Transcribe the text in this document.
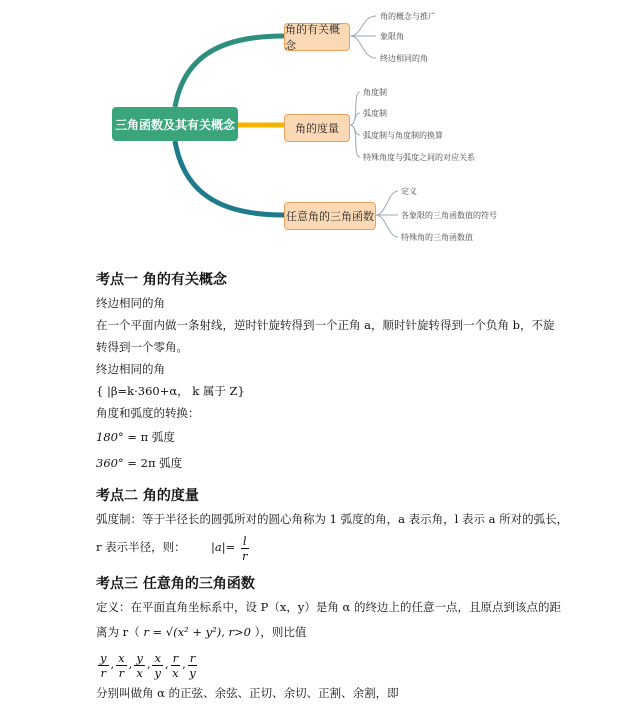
三角函数及其有关概念
角的有关概念
角的度量
任意角的三角函数
角的概念与推广
象限角
终边相同的角
角度制
弧度制
弧度制与角度制的换算
特殊角度与弧度之间的对应关系
定义
各象限的三角函数值的符号
特殊角的三角函数值
考点一 角的有关概念

终边相同的角

在一个平面内做一条射线，逆时针旋转得到一个正角 a，顺时针旋转得到一个负角 b，不旋

转得到一个零角。

终边相同的角

{ |β=k·360+α， k 属于 Z}

角度和弧度的转换：

180° = π 弧度

360° = 2π 弧度

考点二 角的度量

弧度制：等于半径长的圆弧所对的圆心角称为 1 弧度的角，a 表示角，l 表示 a 所对的弧长，

r 表示半径，则： $|a|= \frac{l}{r}$

考点三 任意角的三角函数

定义：在平面直角坐标系中，设 P（x，y）是角 α 的终边上的任意一点，且原点到该点的距

离为 r（ r = √(x² + y²), r>0 ），则比值

$\frac{y}{r}$ , $\frac{x}{r}$ , $\frac{y}{x}$ , $\frac{x}{y}$ , $\frac{r}{x}$ , $\frac{r}{y}$

分别叫做角 α 的正弦、余弦、正切、余切、正割、余割，即
